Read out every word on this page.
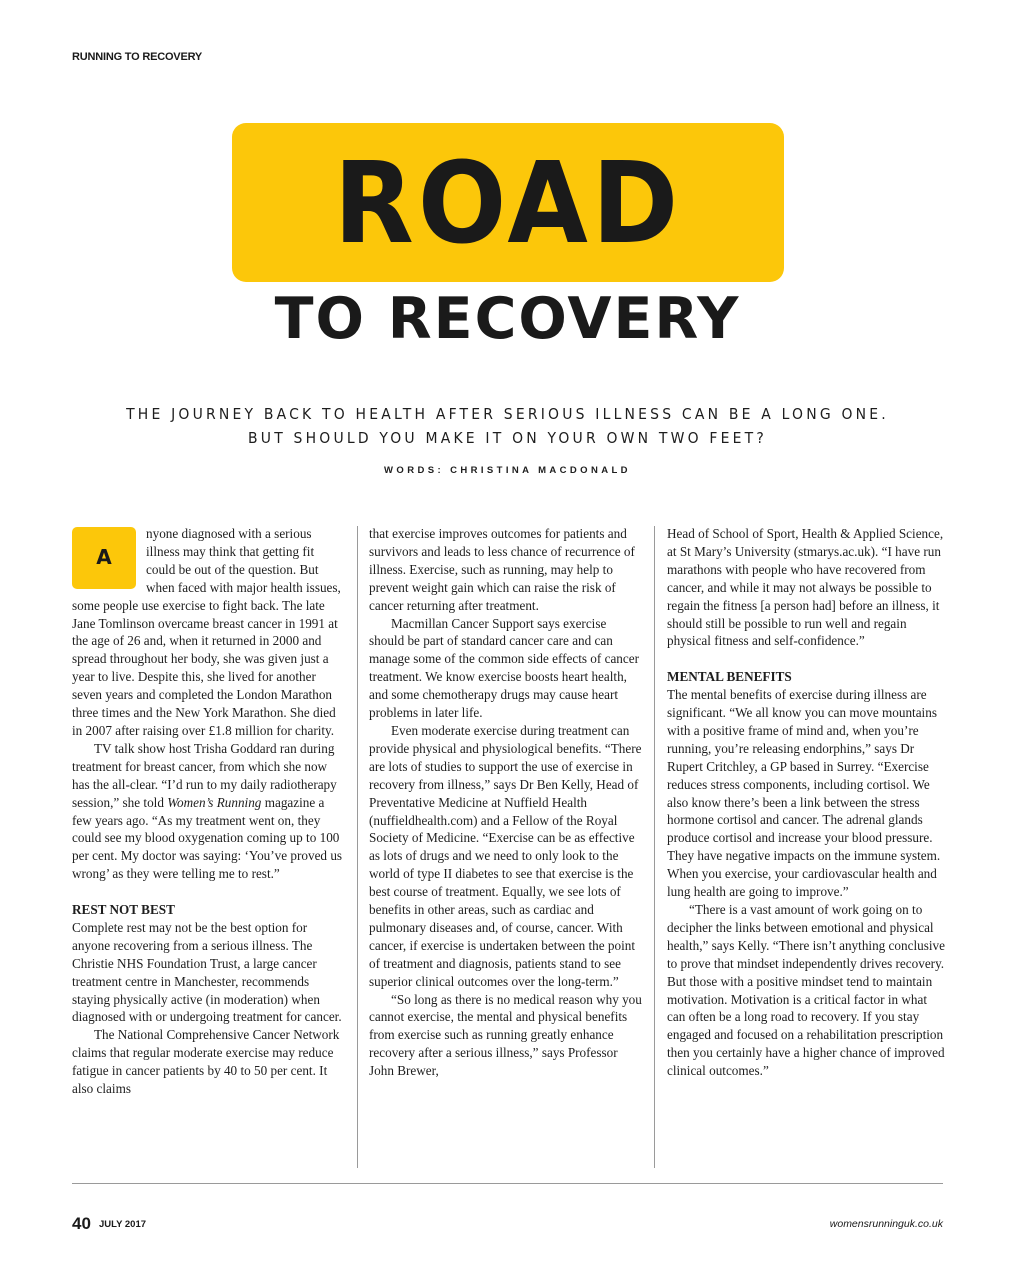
RUNNING TO RECOVERY
ROAD
TO RECOVERY
THE JOURNEY BACK TO HEALTH AFTER SERIOUS ILLNESS CAN BE A LONG ONE.
BUT SHOULD YOU MAKE IT ON YOUR OWN TWO FEET?
WORDS: CHRISTINA MACDONALD
A

nyone diagnosed with a serious illness may think that getting fit could be out of the question. But when faced with major health issues, some people use exercise to fight back. The late Jane Tomlinson overcame breast cancer in 1991 at the age of 26 and, when it returned in 2000 and spread throughout her body, she was given just a year to live. Despite this, she lived for another seven years and completed the London Marathon three times and the New York Marathon. She died in 2007 after raising over £1.8 million for charity.

TV talk show host Trisha Goddard ran during treatment for breast cancer, from which she now has the all-clear. “I’d run to my daily radiotherapy session,” she told Women’s Running magazine a few years ago. “As my treatment went on, they could see my blood oxygenation coming up to 100 per cent. My doctor was saying: ‘You’ve proved us wrong’ as they were telling me to rest.”

REST NOT BEST

Complete rest may not be the best option for anyone recovering from a serious illness. The Christie NHS Foundation Trust, a large cancer treatment centre in Manchester, recommends staying physically active (in moderation) when diagnosed with or undergoing treatment for cancer.

The National Comprehensive Cancer Network claims that regular moderate exercise may reduce fatigue in cancer patients by 40 to 50 per cent. It also claims

that exercise improves outcomes for patients and survivors and leads to less chance of recurrence of illness. Exercise, such as running, may help to prevent weight gain which can raise the risk of cancer returning after treatment.

Macmillan Cancer Support says exercise should be part of standard cancer care and can manage some of the common side effects of cancer treatment. We know exercise boosts heart health, and some chemotherapy drugs may cause heart problems in later life.

Even moderate exercise during treatment can provide physical and physiological benefits. “There are lots of studies to support the use of exercise in recovery from illness,” says Dr Ben Kelly, Head of Preventative Medicine at Nuffield Health (nuffieldhealth.com) and a Fellow of the Royal Society of Medicine. “Exercise can be as effective as lots of drugs and we need to only look to the world of type II diabetes to see that exercise is the best course of treatment. Equally, we see lots of benefits in other areas, such as cardiac and pulmonary diseases and, of course, cancer. With cancer, if exercise is undertaken between the point of treatment and diagnosis, patients stand to see superior clinical outcomes over the long-term.”

“So long as there is no medical reason why you cannot exercise, the mental and physical benefits from exercise such as running greatly enhance recovery after a serious illness,” says Professor John Brewer,

Head of School of Sport, Health & Applied Science, at St Mary’s University (stmarys.ac.uk). “I have run marathons with people who have recovered from cancer, and while it may not always be possible to regain the fitness [a person had] before an illness, it should still be possible to run well and regain physical fitness and self-confidence.”

MENTAL BENEFITS

The mental benefits of exercise during illness are significant. “We all know you can move mountains with a positive frame of mind and, when you’re running, you’re releasing endorphins,” says Dr Rupert Critchley, a GP based in Surrey. “Exercise reduces stress components, including cortisol. We also know there’s been a link between the stress hormone cortisol and cancer. The adrenal glands produce cortisol and increase your blood pressure. They have negative impacts on the immune system. When you exercise, your cardiovascular health and lung health are going to improve.”

“There is a vast amount of work going on to decipher the links between emotional and physical health,” says Kelly. “There isn’t anything conclusive to prove that mindset independently drives recovery. But those with a positive mindset tend to maintain motivation. Motivation is a critical factor in what can often be a long road to recovery. If you stay engaged and focused on a rehabilitation prescription then you certainly have a higher chance of improved clinical outcomes.”

40 JULY 2017	womensrunninguk.co.uk
